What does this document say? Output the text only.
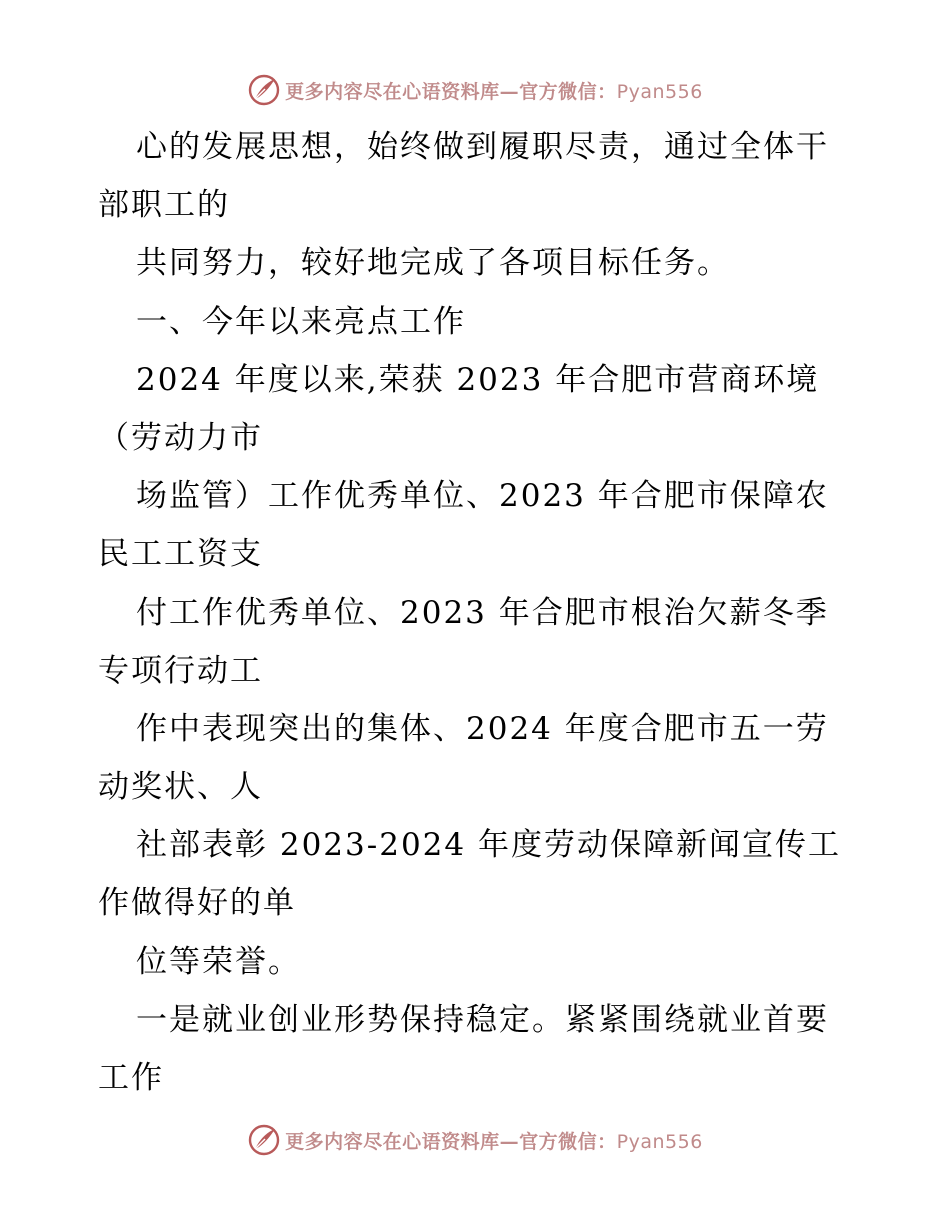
更多内容尽在心语资料库—官方微信：Pyan556
心的发展思想，始终做到履职尽责，通过全体干
部职工的
共同努力，较好地完成了各项目标任务。
一、今年以来亮点工作
2024 年度以来,荣获 2023 年合肥市营商环境
（劳动力市
场监管）工作优秀单位、2023 年合肥市保障农
民工工资支
付工作优秀单位、2023 年合肥市根治欠薪冬季
专项行动工
作中表现突出的集体、2024 年度合肥市五一劳
动奖状、人
社部表彰 2023-2024 年度劳动保障新闻宣传工
作做得好的单
位等荣誉。
一是就业创业形势保持稳定。紧紧围绕就业首要
工作
更多内容尽在心语资料库—官方微信：Pyan556
